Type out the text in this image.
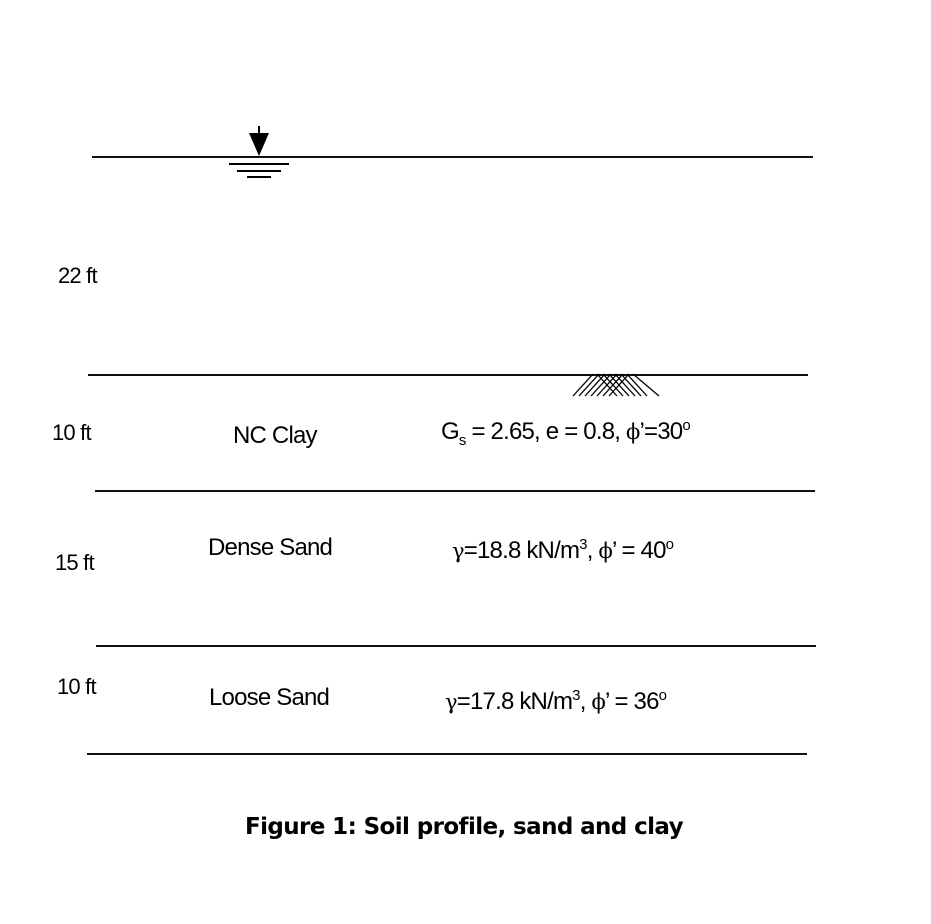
22 ft
10 ft
15 ft
10 ft
NC Clay
Dense Sand
Loose Sand
$G_s = 2.65$, e = 0.8, $\phi’=30^o$
γ=18.8 $kN/m^3$, ϕ’ = $40^o$
γ=17.8 $kN/m^3$, ϕ’ = $36^o$
Figure 1: Soil profile, sand and clay
